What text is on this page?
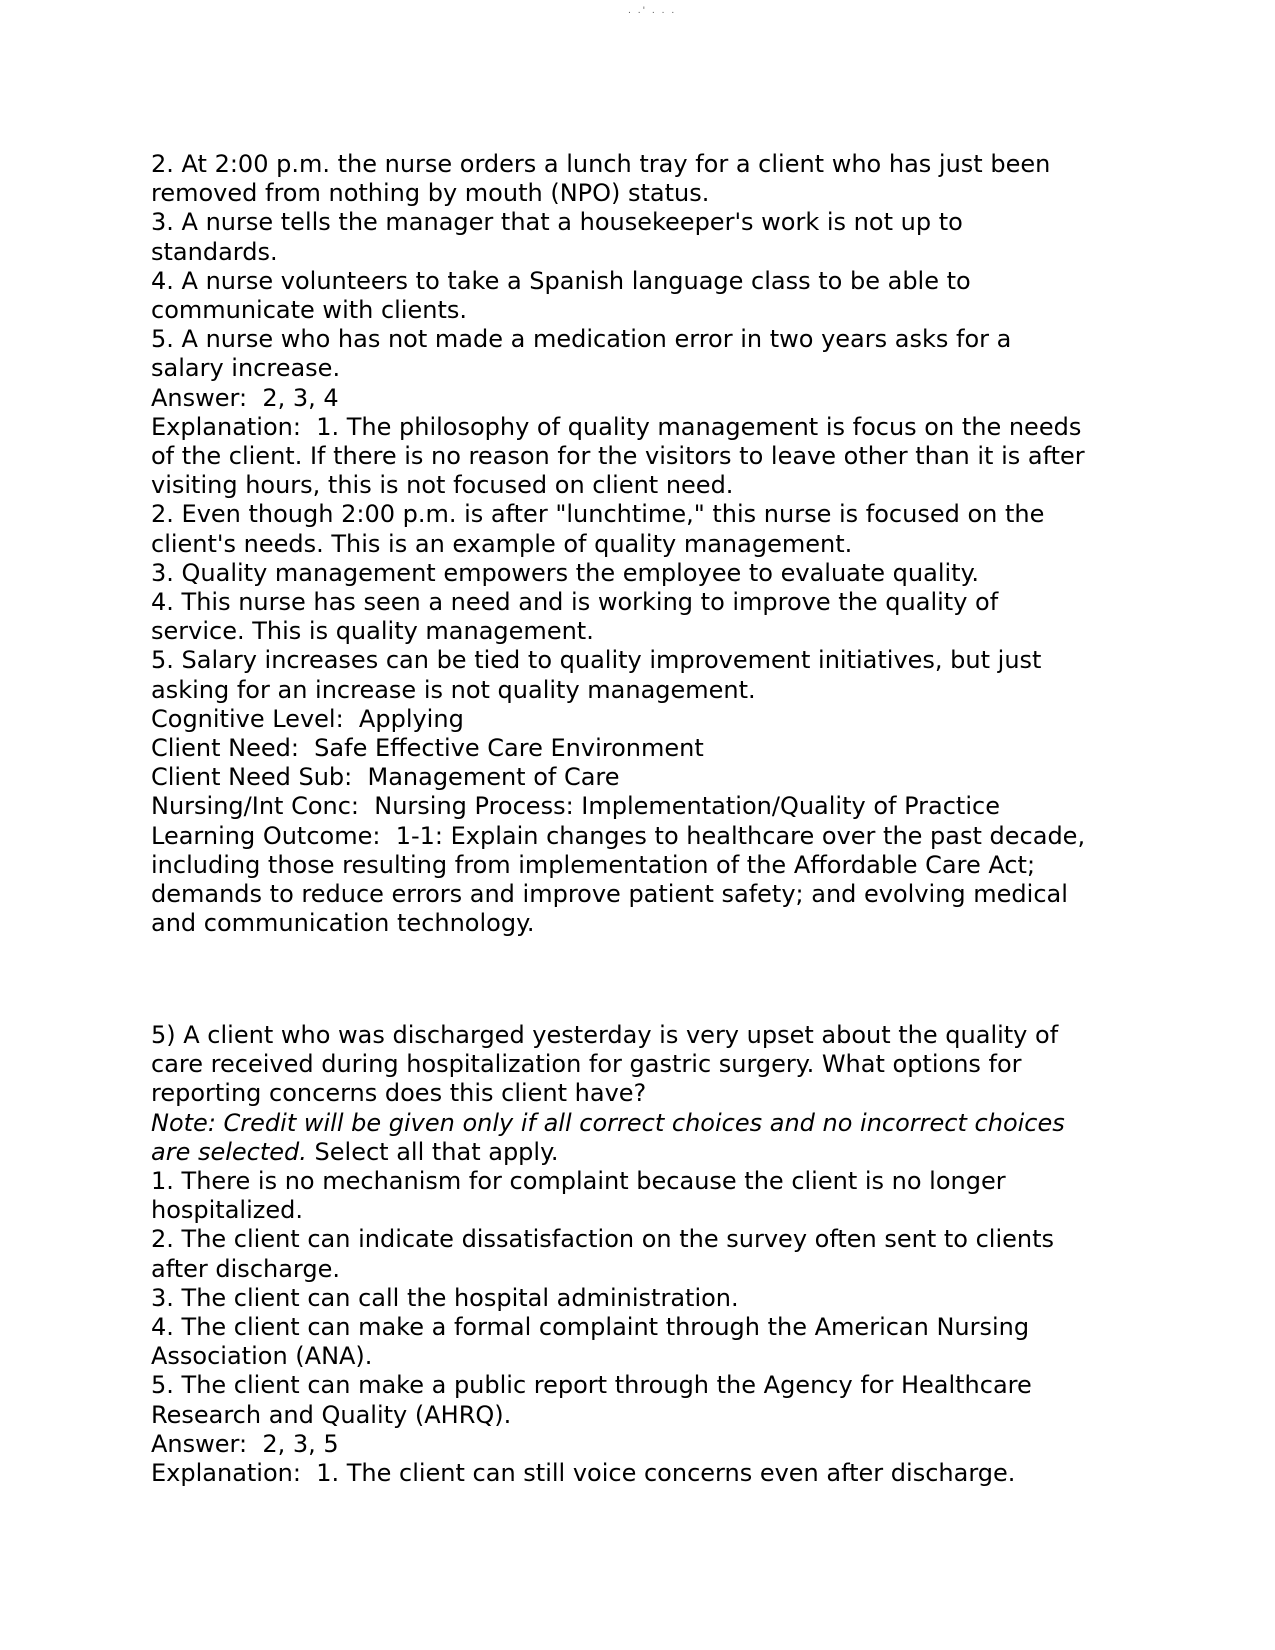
. .' . . .
2. At 2:00 p.m. the nurse orders a lunch tray for a client who has just been
removed from nothing by mouth (NPO) status.
3. A nurse tells the manager that a housekeeper's work is not up to
standards.
4. A nurse volunteers to take a Spanish language class to be able to
communicate with clients.
5. A nurse who has not made a medication error in two years asks for a
salary increase.
Answer:  2, 3, 4
Explanation:  1. The philosophy of quality management is focus on the needs
of the client. If there is no reason for the visitors to leave other than it is after
visiting hours, this is not focused on client need.
2. Even though 2:00 p.m. is after "lunchtime," this nurse is focused on the
client's needs. This is an example of quality management.
3. Quality management empowers the employee to evaluate quality.
4. This nurse has seen a need and is working to improve the quality of
service. This is quality management.
5. Salary increases can be tied to quality improvement initiatives, but just
asking for an increase is not quality management.
Cognitive Level:  Applying
Client Need:  Safe Effective Care Environment
Client Need Sub:  Management of Care
Nursing/Int Conc:  Nursing Process: Implementation/Quality of Practice
Learning Outcome:  1-1: Explain changes to healthcare over the past decade,
including those resulting from implementation of the Affordable Care Act;
demands to reduce errors and improve patient safety; and evolving medical
and communication technology.
5) A client who was discharged yesterday is very upset about the quality of
care received during hospitalization for gastric surgery. What options for
reporting concerns does this client have?
Note: Credit will be given only if all correct choices and no incorrect choices
are selected. Select all that apply.
1. There is no mechanism for complaint because the client is no longer
hospitalized.
2. The client can indicate dissatisfaction on the survey often sent to clients
after discharge.
3. The client can call the hospital administration.
4. The client can make a formal complaint through the American Nursing
Association (ANA).
5. The client can make a public report through the Agency for Healthcare
Research and Quality (AHRQ).
Answer:  2, 3, 5
Explanation:  1. The client can still voice concerns even after discharge.
